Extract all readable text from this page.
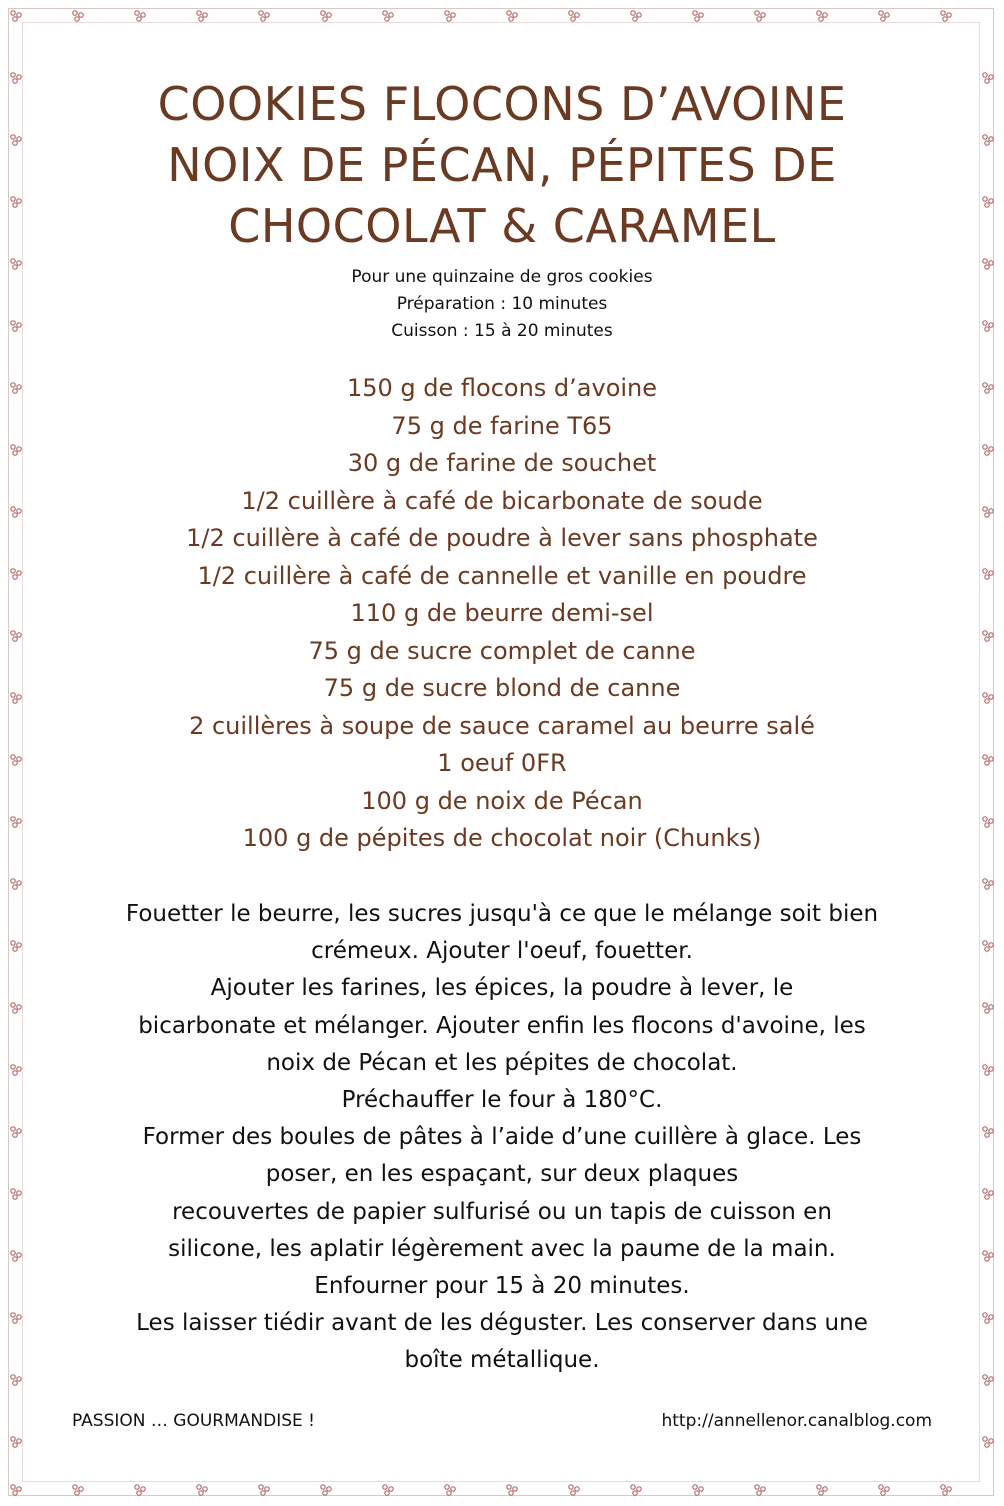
COOKIES FLOCONS D’AVOINE
NOIX DE PÉCAN, PÉPITES DE
CHOCOLAT & CARAMEL
Pour une quinzaine de gros cookies
Préparation : 10 minutes
Cuisson : 15 à 20 minutes
150 g de flocons d’avoine
75 g de farine T65
30 g de farine de souchet
1/2 cuillère à café de bicarbonate de soude
1/2 cuillère à café de poudre à lever sans phosphate
1/2 cuillère à café de cannelle et vanille en poudre
110 g de beurre demi-sel
75 g de sucre complet de canne
75 g de sucre blond de canne
2 cuillères à soupe de sauce caramel au beurre salé
1 oeuf 0FR
100 g de noix de Pécan
100 g de pépites de chocolat noir (Chunks)
Fouetter le beurre, les sucres jusqu'à ce que le mélange soit bien
crémeux. Ajouter l'oeuf, fouetter.
Ajouter les farines, les épices, la poudre à lever, le
bicarbonate et mélanger. Ajouter enfin les flocons d'avoine, les
noix de Pécan et les pépites de chocolat.
Préchauffer le four à 180°C.
Former des boules de pâtes à l’aide d’une cuillère à glace. Les
poser, en les espaçant, sur deux plaques
recouvertes de papier sulfurisé ou un tapis de cuisson en
silicone, les aplatir légèrement avec la paume de la main.
Enfourner pour 15 à 20 minutes.
Les laisser tiédir avant de les déguster. Les conserver dans une
boîte métallique.
PASSION … GOURMANDISE !	http://annellenor.canalblog.com
